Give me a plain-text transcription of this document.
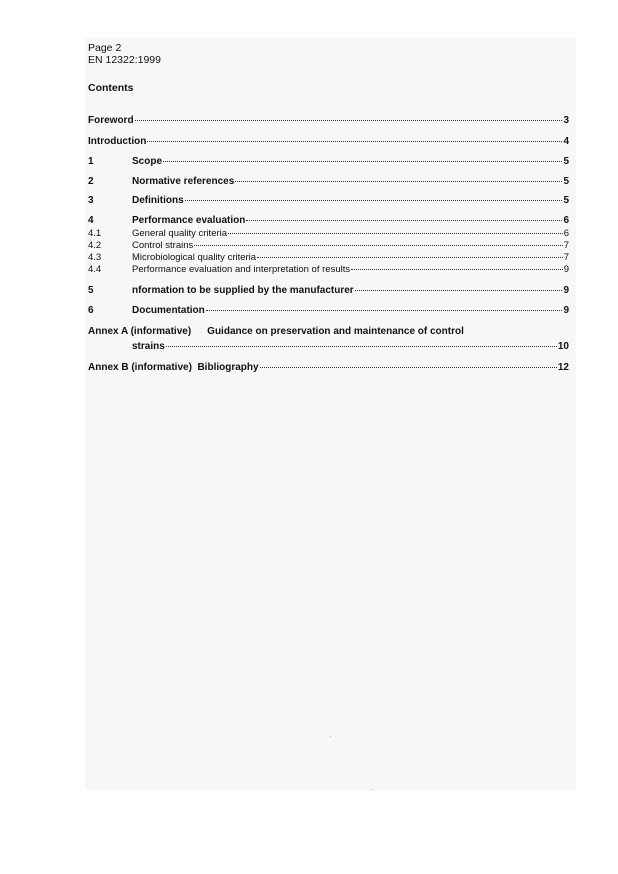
Page 2
EN 12322:1999
Contents
Foreword	3
Introduction	4
1	Scope	5
2	Normative references	5
3	Definitions	5
4	Performance evaluation	6
4.1	General quality criteria	6
4.2	Control strains	7
4.3	Microbiological quality criteria	7
4.4	Performance evaluation and interpretation of results	9
5	nformation to be supplied by the manufacturer	9
6	Documentation	9
Annex A (informative) Guidance on preservation and maintenance of control
strains	10
Annex B (informative)  Bibliography	12
